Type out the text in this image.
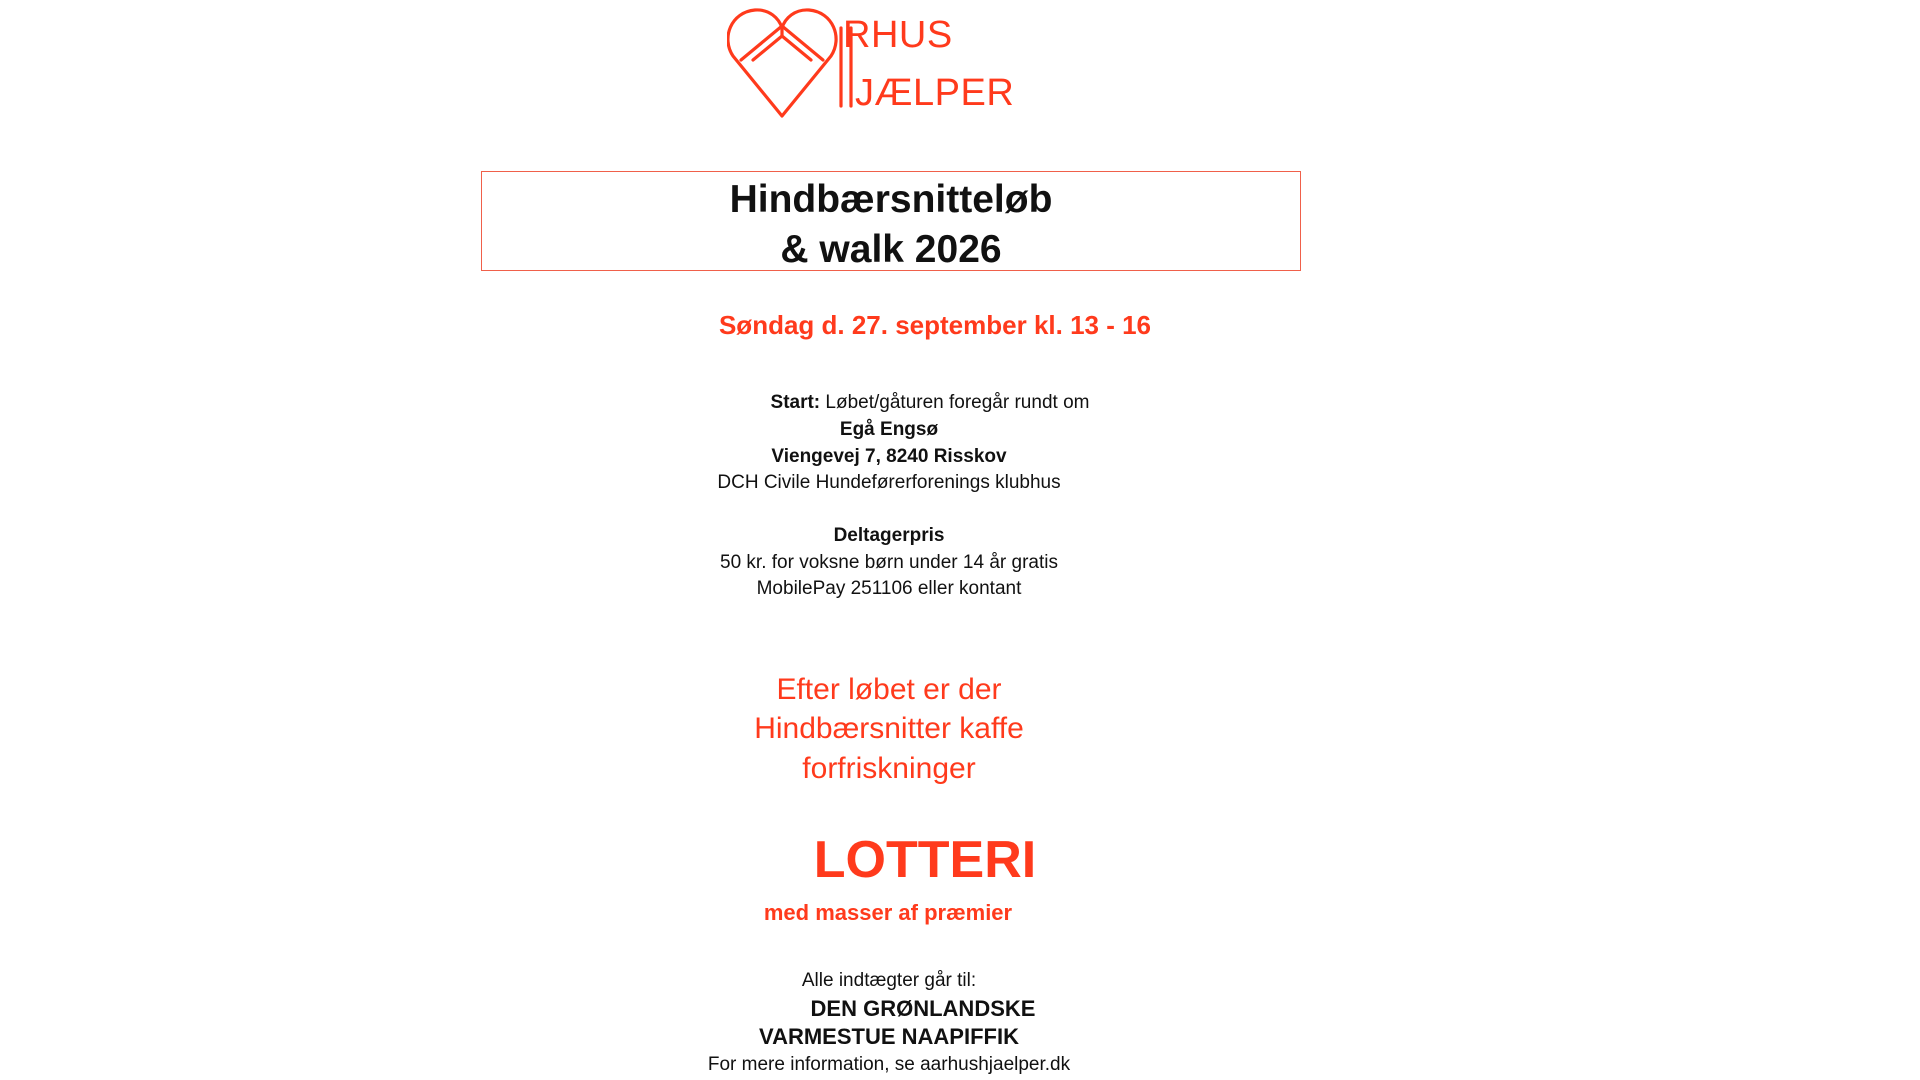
RHUS
JÆLPER
Hindbærsnitteløb
& walk 2026
Søndag d. 27. september kl. 13 - 16
Start: Løbet/gåturen foregår rundt om
Egå Engsø
Viengevej 7, 8240 Risskov
DCH Civile Hundeførerforenings klubhus
Deltagerpris
50 kr. for voksne børn under 14 år gratis
MobilePay 251106 eller kontant
Efter løbet er der
Hindbærsnitter kaffe
forfriskninger
LOTTERI
med masser af præmier
Alle indtægter går til:
DEN GRØNLANDSKE
VARMESTUE NAAPIFFIK
For mere information, se aarhushjaelper.dk
